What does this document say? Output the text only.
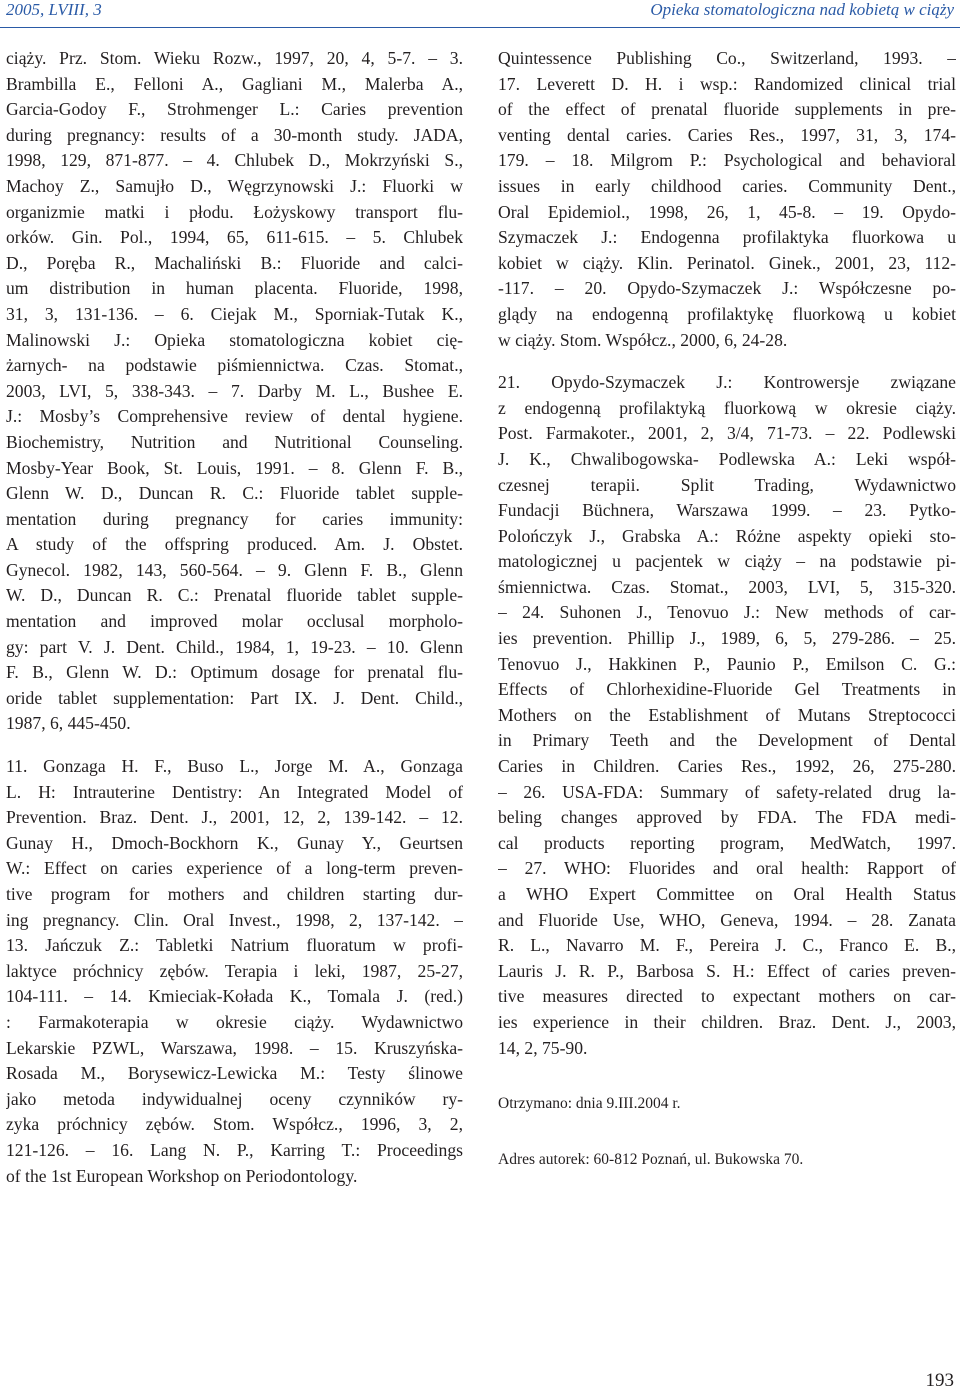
2005, LVIII, 3	Opieka stomatologiczna nad kobietą w ciąży
ciąży. Prz. Stom. Wieku Rozw., 1997, 20, 4, 5-7. – 3.
Brambilla E., Felloni A., Gagliani M., Malerba A.,
Garcia-Godoy F., Strohmenger L.: Caries prevention
during pregnancy: results of a 30-month study. JADA,
1998, 129, 871-877. – 4. Chlubek D., Mokrzyński S.,
Machoy Z., Samujło D., Węgrzynowski J.: Fluorki w
organizmie matki i płodu. Łożyskowy transport flu-
orków. Gin. Pol., 1994, 65, 611-615. – 5. Chlubek
D., Poręba R., Machaliński B.: Fluoride and calci-
um distribution in human placenta. Fluoride, 1998,
31, 3, 131-136. – 6. Ciejak M., Sporniak-Tutak K.,
Malinowski J.: Opieka stomatologiczna kobiet cię-
żarnych- na podstawie piśmiennictwa. Czas. Stomat.,
2003, LVI, 5, 338-343. – 7. Darby M. L., Bushee E.
J.: Mosby’s Comprehensive review of dental hygiene.
Biochemistry, Nutrition and Nutritional Counseling.
Mosby-Year Book, St. Louis, 1991. – 8. Glenn F. B.,
Glenn W. D., Duncan R. C.: Fluoride tablet supple-
mentation during pregnancy for caries immunity:
A study of the offspring produced. Am. J. Obstet.
Gynecol. 1982, 143, 560-564. – 9. Glenn F. B., Glenn
W. D., Duncan R. C.: Prenatal fluoride tablet supple-
mentation and improved molar occlusal morpholo-
gy: part V. J. Dent. Child., 1984, 1, 19-23. – 10. Glenn
F. B., Glenn W. D.: Optimum dosage for prenatal flu-
oride tablet supplementation: Part IX. J. Dent. Child.,
1987, 6, 445-450.
11. Gonzaga H. F., Buso L., Jorge M. A., Gonzaga
L. H: Intrauterine Dentistry: An Integrated Model of
Prevention. Braz. Dent. J., 2001, 12, 2, 139-142. – 12.
Gunay H., Dmoch-Bockhorn K., Gunay Y., Geurtsen
W.: Effect on caries experience of a long-term preven-
tive program for mothers and children starting dur-
ing pregnancy. Clin. Oral Invest., 1998, 2, 137-142. –
13. Jańczuk Z.: Tabletki Natrium fluoratum w profi-
laktyce próchnicy zębów. Terapia i leki, 1987, 25-27,
104-111. – 14. Kmieciak-Kołada K., Tomala J. (red.)
: Farmakoterapia w okresie ciąży. Wydawnictwo
Lekarskie PZWL, Warszawa, 1998. – 15. Kruszyńska-
Rosada M., Borysewicz-Lewicka M.: Testy ślinowe
jako metoda indywidualnej oceny czynników ry-
zyka próchnicy zębów. Stom. Współcz., 1996, 3, 2,
121-126. – 16. Lang N. P., Karring T.: Proceedings
of the 1st European Workshop on Periodontology.
Quintessence Publishing Co., Switzerland, 1993. –
17. Leverett D. H. i wsp.: Randomized clinical trial
of the effect of prenatal fluoride supplements in pre-
venting dental caries. Caries Res., 1997, 31, 3, 174-
179. – 18. Milgrom P.: Psychological and behavioral
issues in early childhood caries. Community Dent.,
Oral Epidemiol., 1998, 26, 1, 45-8. – 19. Opydo-
Szymaczek J.: Endogenna profilaktyka fluorkowa u
kobiet w ciąży. Klin. Perinatol. Ginek., 2001, 23, 112-
-117. – 20. Opydo-Szymaczek J.: Współczesne po-
glądy na endogenną profilaktykę fluorkową u kobiet
w ciąży. Stom. Współcz., 2000, 6, 24-28.
21. Opydo-Szymaczek J.: Kontrowersje związane
z endogenną profilaktyką fluorkową w okresie ciąży.
Post. Farmakoter., 2001, 2, 3/4, 71-73. – 22. Podlewski
J. K., Chwalibogowska- Podlewska A.: Leki współ-
czesnej terapii. Split Trading, Wydawnictwo
Fundacji Büchnera, Warszawa 1999. – 23. Pytko-
Polończyk J., Grabska A.: Różne aspekty opieki sto-
matologicznej u pacjentek w ciąży – na podstawie pi-
śmiennictwa. Czas. Stomat., 2003, LVI, 5, 315-320.
– 24. Suhonen J., Tenovuo J.: New methods of car-
ies prevention. Phillip J., 1989, 6, 5, 279-286. – 25.
Tenovuo J., Hakkinen P., Paunio P., Emilson C. G.:
Effects of Chlorhexidine-Fluoride Gel Treatments in
Mothers on the Establishment of Mutans Streptococci
in Primary Teeth and the Development of Dental
Caries in Children. Caries Res., 1992, 26, 275-280.
– 26. USA-FDA: Summary of safety-related drug la-
beling changes approved by FDA. The FDA medi-
cal products reporting program, MedWatch, 1997.
– 27. WHO: Fluorides and oral health: Rapport of
a WHO Expert Committee on Oral Health Status
and Fluoride Use, WHO, Geneva, 1994. – 28. Zanata
R. L., Navarro M. F., Pereira J. C., Franco E. B.,
Lauris J. R. P., Barbosa S. H.: Effect of caries preven-
tive measures directed to expectant mothers on car-
ies experience in their children. Braz. Dent. J., 2003,
14, 2, 75-90.
Otrzymano: dnia 9.III.2004 r.
Adres autorek: 60-812 Poznań, ul. Bukowska 70.
193
